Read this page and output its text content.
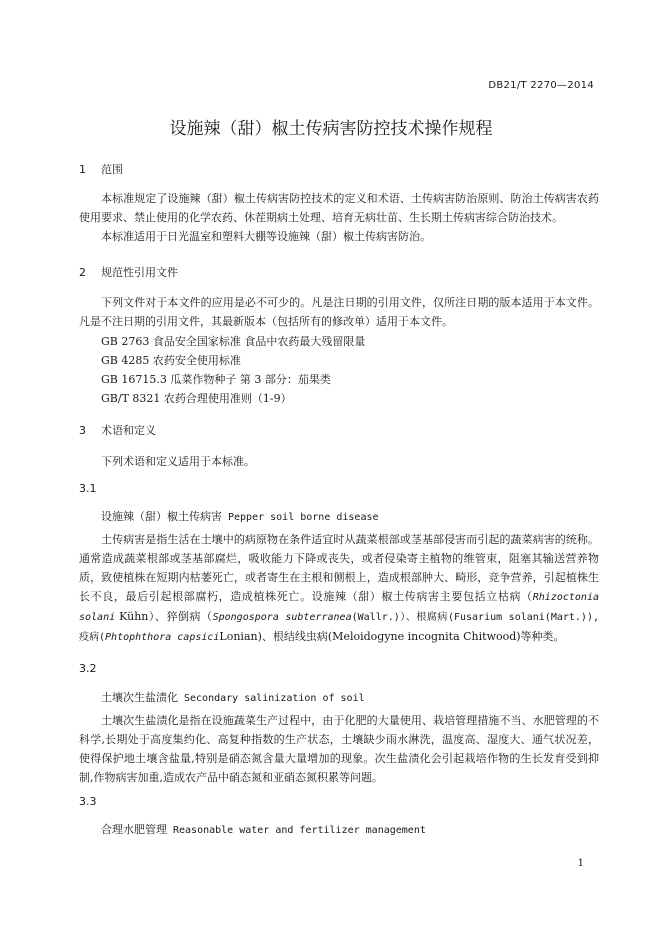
DB21/T 2270—2014
设施辣（甜）椒土传病害防控技术操作规程
1 范围

本标准规定了设施辣（甜）椒土传病害防控技术的定义和术语、土传病害防治原则、防治土传病害农药使用要求、禁止使用的化学农药、休茬期病土处理、培育无病壮苗、生长期土传病害综合防治技术。

本标准适用于日光温室和塑料大棚等设施辣（甜）椒土传病害防治。

2 规范性引用文件

下列文件对于本文件的应用是必不可少的。凡是注日期的引用文件，仅所注日期的版本适用于本文件。凡是不注日期的引用文件，其最新版本（包括所有的修改单）适用于本文件。

GB 2763 食品安全国家标准 食品中农药最大残留限量
GB 4285 农药安全使用标准
GB 16715.3 瓜菜作物种子 第 3 部分：茄果类
GB/T 8321 农药合理使用准则（1-9）
3 术语和定义

下列术语和定义适用于本标准。

3.1
设施辣（甜）椒土传病害 Pepper soil borne disease

土传病害是指生活在土壤中的病原物在条件适宜时从蔬菜根部或茎基部侵害而引起的蔬菜病害的统称。通常造成蔬菜根部或茎基部腐烂，吸收能力下降或丧失，或者侵染寄主植物的维管束，阻塞其输送营养物质，致使植株在短期内枯萎死亡，或者寄生在主根和侧根上，造成根部肿大、畸形，竞争营养，引起植株生长不良，最后引起根部腐朽，造成植株死亡。设施辣（甜）椒土传病害主要包括立枯病（Rhizoctonia solani Kühn）、猝倒病（Spongospora subterranea(Wallr.)）、根腐病(Fusarium solani(Mart.)),疫病(Phtophthora capsiciLonian)、根结线虫病(Meloidogyne incognita Chitwood)等种类。

3.2
土壤次生盐渍化 Secondary salinization of soil

土壤次生盐渍化是指在设施蔬菜生产过程中，由于化肥的大量使用、栽培管理措施不当、水肥管理的不科学,长期处于高度集约化、高复种指数的生产状态，土壤缺少雨水淋洗，温度高、湿度大、通气状况差，使得保护地土壤含盐量,特别是硝态氮含量大量增加的现象。次生盐渍化会引起栽培作物的生长发育受到抑制,作物病害加重,造成农产品中硝态氮和亚硝态氮积累等问题。

3.3
合理水肥管理 Reasonable water and fertilizer management
1
